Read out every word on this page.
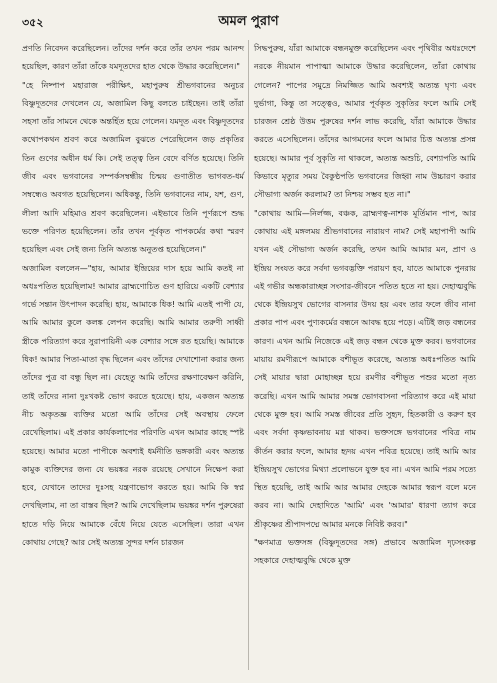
৩৫২	অমল পুরাণ

প্রণতি নিবেদন করেছিলেন। তাঁদের দর্শন করে তাঁর তখন পরম আনন্দ হয়েছিল, কারণ তাঁরা তাঁকে যমদূতদের হাত থেকে উদ্ধার করেছিলেন।"

"হে নিষ্পাপ মহারাজ পরীক্ষিৎ, মহাপুরুষ শ্রীভগবানের অনুচর বিষ্ণুদূতদের দেখলেন যে, অজামিল কিছু বলতে চাইছেন। তাই তাঁরা সহসা তাঁর সামনে থেকে অন্তর্হিত হয়ে গেলেন। যমদূত এবং বিষ্ণুদূতদের কথোপকথন শ্রবণ করে অজামিল বুঝতে পেরেছিলেন জড় প্রকৃতির তিন গুণের অধীন ধর্ম কি। সেই তত্ত্ব তিন বেদে বর্ণিত হয়েছে। তিনি জীব এবং ভগবানের সম্পর্কসম্বন্ধীয় চিন্ময় গুণাতীত ভাগবত-ধর্ম সম্বন্ধেও অবগত হয়েছিলেন। অধিকন্তু, তিনি ভগবানের নাম, যশ, গুণ, লীলা আদি মহিমাও শ্রবণ করেছিলেন। এইভাবে তিনি পূর্ণরূপে শুদ্ধ ভক্তে পরিণত হয়েছিলেন। তাঁর তখন পূর্বকৃত পাপকর্মের কথা স্মরণ হয়েছিল এবং সেই জন্য তিনি অত্যন্ত অনুতপ্ত হয়েছিলেন।"

অজামিল বললেন—"হায়, আমার ইন্দ্রিয়ের দাস হয়ে আমি কতই না অধঃপতিত হয়েছিলাম! আমার ব্রাহ্মণোচিত গুণ হারিয়ে একটি বেশ্যার গর্ভে সন্তান উৎপাদন করেছি। হায়, আমাকে ধিক! আমি এতই পাপী যে, আমি আমার কুলে কলঙ্ক লেপন করেছি। আমি আমার তরুণী সাধ্বী স্ত্রীকে পরিত্যাগ করে সুরাপায়িনী এক বেশ্যার সঙ্গে রত হয়েছি। আমাকে ধিক! আমার পিতা-মাতা বৃদ্ধ ছিলেন এবং তাঁদের দেখাশোনা করার জন্য তাঁদের পুত্র বা বন্ধু ছিল না। যেহেতু আমি তাঁদের রক্ষণাবেক্ষণ করিনি, তাই তাঁদের নানা দুঃখকষ্ট ভোগ করতে হয়েছে। হায়, একজন অত্যন্ত নীচ অকৃতজ্ঞ ব্যক্তির মতো আমি তাঁদের সেই অবস্থায় ফেলে রেখেছিলাম। এই প্রকার কার্যকলাপের পরিণতি এখন আমার কাছে স্পষ্ট হয়েছে। আমার মতো পাপীকে অবশ্যই ধর্মনীতি ভঙ্গকারী এবং অত্যন্ত কামুক ব্যক্তিদের জন্য যে ভয়ঙ্কর নরক রয়েছে সেখানে নিক্ষেপ করা হবে, যেখানে তাদের দুঃসহ যন্ত্রণাভোগ করতে হয়। আমি কি স্বপ্ন দেখছিলাম, না তা বাস্তব ছিল? আমি দেখেছিলাম ভয়ঙ্কর দর্শন পুরুষেরা হাতে দড়ি নিয়ে আমাকে বেঁধে নিয়ে যেতে এসেছিল। তারা এখন কোথায় গেছে? আর সেই অত্যন্ত সুন্দর দর্শন চারজন

সিদ্ধপুরুষ, যাঁরা আমাকে বন্ধনমুক্ত করেছিলেন এবং পৃথিবীর অধঃদেশে নরকে নীয়মান পাপাত্মা আমাকে উদ্ধার করেছিলেন, তাঁরা কোথায় গেলেন? পাপের সমুদ্রে নিমজ্জিত আমি অবশ্যই অত্যন্ত ঘৃণ্য এবং দুর্ভাগা, কিন্তু তা সত্ত্বেও, আমার পূর্বকৃত সুকৃতির ফলে আমি সেই চারজন শ্রেষ্ঠ উত্তম পুরুষের দর্শন লাভ করেছি, যাঁরা আমাকে উদ্ধার করতে এসেছিলেন। তাঁদের আগমনের ফলে আমার চিত্ত অত্যন্ত প্রসন্ন হয়েছে। আমার পূর্ব সুকৃতি না থাকলে, অত্যন্ত অশুচি, বেশ্যাপতি আমি কিভাবে মৃত্যুর সময় বৈকুণ্ঠপতি ভগবানের জিহ্বা নাম উচ্চারণ করার সৌভাগ্য অর্জন করলাম? তা নিশ্চয় সম্ভব হত না।"

"কোথায় আমি—নির্লজ্জ, বঞ্চক, ব্রাহ্মণত্ব-নাশক মূর্তিমান পাপ, আর কোথায় এই মঙ্গলময় শ্রীভগবানের নারায়ণ নাম? সেই মহাপাপী আমি যখন এই সৌভাগ্য অর্জন করেছি, তখন আমি আমার মন, প্রাণ ও ইন্দ্রিয় সংযত করে সর্বদা ভগবদ্ভক্তি পরায়ণ হব, যাতে আমাকে পুনরায় এই গভীর অন্ধকারাচ্ছন্ন সংসার-জীবনে পতিত হতে না হয়। দেহাত্মবুদ্ধি থেকে ইন্দ্রিয়সুখ ভোগের বাসনার উদয় হয় এবং তার ফলে জীব নানা প্রকার পাপ এবং পুণ্যকর্মের বন্ধনে আবদ্ধ হয়ে পড়ে। এটিই জড় বন্ধনের কারণ। এখন আমি নিজেকে এই জড় বন্ধন থেকে মুক্ত করব। ভগবানের মায়ায় রমণীরূপে আমাকে বশীভূত করেছে, অত্যন্ত অধঃপতিত আমি সেই মায়ার দ্বারা মোহাচ্ছন্ন হয়ে রমণীর বশীভূত পশুর মতো নৃত্য করেছি। এখন আমি আমার সমস্ত ভোগবাসনা পরিত্যাগ করে এই মায়া থেকে মুক্ত হব। আমি সমস্ত জীবের প্রতি সুহৃদ, হিতকারী ও করুণ হব এবং সর্বদা কৃষ্ণভাবনায় মগ্ন থাকব। ভক্তসঙ্গে ভগবানের পবিত্র নাম কীর্তন করার ফলে, আমার হৃদয় এখন পবিত্র হয়েছে। তাই আমি আর ইন্দ্রিয়সুখ ভোগের মিথ্যা প্রলোভনে যুক্ত হব না। এখন আমি পরম সত্যে স্থিত হয়েছি, তাই আমি আর আমার দেহকে আমার স্বরূপ বলে মনে করব না। আমি দেহাদিতে 'আমি' এবং 'আমার' ধারণা ত্যাগ করে শ্রীকৃষ্ণের শ্রীপাদপদ্মে আমার মনকে নিবিষ্ট করব।"

"ক্ষণমাত্র ভক্তসঙ্গ (বিষ্ণুদূতদের সঙ্গ) প্রভাবে অজামিল দৃঢ়সংকল্প সহকারে দেহাত্মবুদ্ধি থেকে মুক্ত
